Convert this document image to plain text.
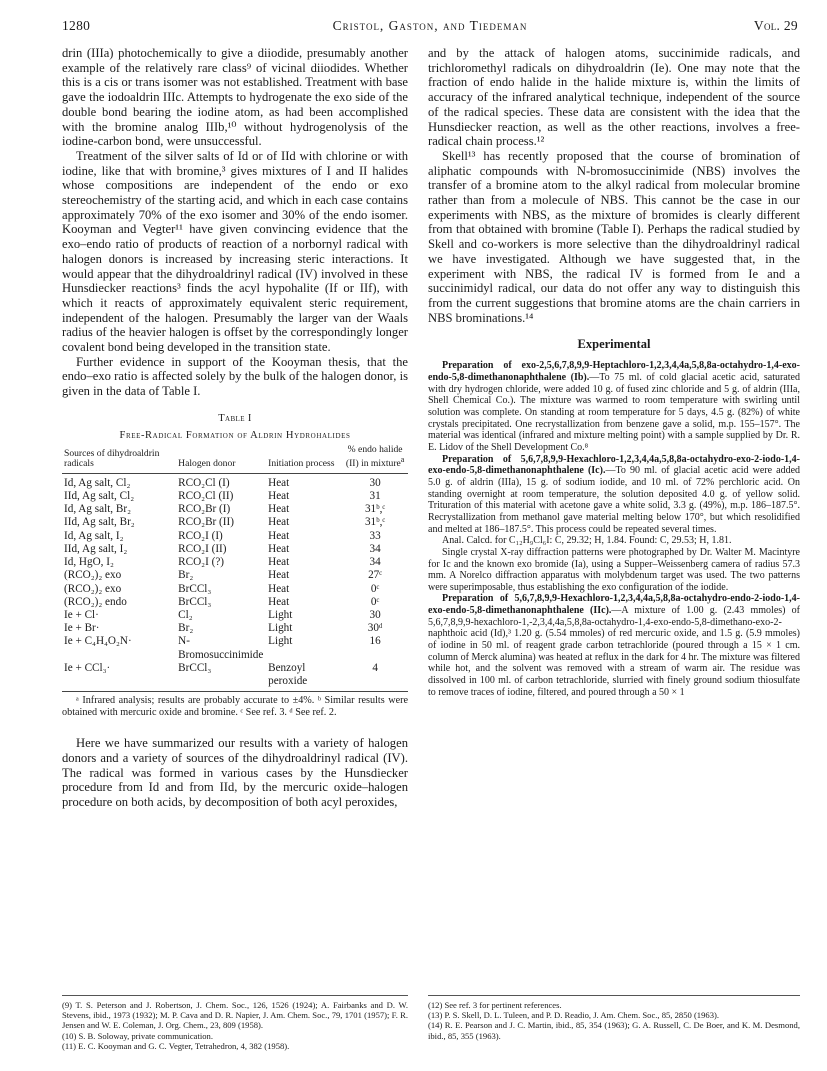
1280	Cristol, Gaston, and Tiedeman	Vol. 29

drin (IIIa) photochemically to give a diiodide, presumably another example of the relatively rare class⁹ of vicinal diiodides. Whether this is a cis or trans isomer was not established. Treatment with base gave the iodoaldrin IIIc. Attempts to hydrogenate the exo side of the double bond bearing the iodine atom, as had been accomplished with the bromine analog IIIb,¹⁰ without hydrogenolysis of the iodine-carbon bond, were unsuccessful.

Treatment of the silver salts of Id or of IId with chlorine or with iodine, like that with bromine,³ gives mixtures of I and II halides whose compositions are independent of the endo or exo stereochemistry of the starting acid, and which in each case contains approximately 70% of the exo isomer and 30% of the endo isomer. Kooyman and Vegter¹¹ have given convincing evidence that the exo–endo ratio of products of reaction of a norbornyl radical with halogen donors is increased by increasing steric interactions. It would appear that the dihydroaldrinyl radical (IV) involved in these Hunsdiecker reactions³ finds the acyl hypohalite (If or IIf), with which it reacts of approximately equivalent steric requirement, independent of the halogen. Presumably the larger van der Waals radius of the heavier halogen is offset by the correspondingly longer covalent bond being developed in the transition state.

Further evidence in support of the Kooyman thesis, that the endo–exo ratio is affected solely by the bulk of the halogen donor, is given in the data of Table I.

Table I
Free-Radical Formation of Aldrin Hydrohalides
Sources of dihydroaldrin radicals	Halogen donor	Initiation process	% endo halide (II) in mixture$^a$
Id, Ag salt, Cl₂	RCO₂Cl (I)	Heat	30
IId, Ag salt, Cl₂	RCO₂Cl (II)	Heat	31
Id, Ag salt, Br₂	RCO₂Br (I)	Heat	31ᵇ,ᶜ
IId, Ag salt, Br₂	RCO₂Br (II)	Heat	31ᵇ,ᶜ
Id, Ag salt, I₂	RCO₂I (I)	Heat	33
IId, Ag salt, I₂	RCO₂I (II)	Heat	34
Id, HgO, I₂	RCO₂I (?)	Heat	34
(RCO₂)₂ exo	Br₂	Heat	27ᶜ
(RCO₂)₂ exo	BrCCl₃	Heat	0ᶜ
(RCO₂)₂ endo	BrCCl₃	Heat	0ᶜ
Ie + Cl·	Cl₂	Light	30
Ie + Br·	Br₂	Light	30ᵈ
Ie + C₄H₄O₂N·	N-Bromosuccinimide	Light	16
Ie + CCl₃·	BrCCl₃	Benzoyl peroxide	4

ᵃ Infrared analysis; results are probably accurate to ±4%. ᵇ Similar results were obtained with mercuric oxide and bromine. ᶜ See ref. 3. ᵈ See ref. 2.

Here we have summarized our results with a variety of halogen donors and a variety of sources of the dihydroaldrinyl radical (IV). The radical was formed in various cases by the Hunsdiecker procedure from Id and from IId, by the mercuric oxide–halogen procedure on both acids, by decomposition of both acyl peroxides,

and by the attack of halogen atoms, succinimide radicals, and trichloromethyl radicals on dihydroaldrin (Ie). One may note that the fraction of endo halide in the halide mixture is, within the limits of accuracy of the infrared analytical technique, independent of the source of the radical species. These data are consistent with the idea that the Hunsdiecker reaction, as well as the other reactions, involves a free-radical chain process.¹²

Skell¹³ has recently proposed that the course of bromination of aliphatic compounds with N-bromosuccinimide (NBS) involves the transfer of a bromine atom to the alkyl radical from molecular bromine rather than from a molecule of NBS. This cannot be the case in our experiments with NBS, as the mixture of bromides is clearly different from that obtained with bromine (Table I). Perhaps the radical studied by Skell and co-workers is more selective than the dihydroaldrinyl radical we have investigated. Although we have suggested that, in the experiment with NBS, the radical IV is formed from Ie and a succinimidyl radical, our data do not offer any way to distinguish this from the current suggestions that bromine atoms are the chain carriers in NBS brominations.¹⁴

Experimental

Preparation of exo-2,5,6,7,8,9,9-Heptachloro-1,2,3,4,4a,5,8,8a-octahydro-1,4-exo-endo-5,8-dimethanonaphthalene (Ib).—To 75 ml. of cold glacial acetic acid, saturated with dry hydrogen chloride, were added 10 g. of fused zinc chloride and 5 g. of aldrin (IIIa, Shell Chemical Co.). The mixture was warmed to room temperature with swirling until solution was complete. On standing at room temperature for 5 days, 4.5 g. (82%) of white crystals precipitated. One recrystallization from benzene gave a solid, m.p. 155–157°. The material was identical (infrared and mixture melting point) with a sample supplied by Dr. R. E. Lidov of the Shell Development Co.⁸

Preparation of 5,6,7,8,9,9-Hexachloro-1,2,3,4,4a,5,8,8a-octahydro-exo-2-iodo-1,4-exo-endo-5,8-dimethanonaphthalene (Ic).—To 90 ml. of glacial acetic acid were added 5.0 g. of aldrin (IIIa), 15 g. of sodium iodide, and 10 ml. of 72% perchloric acid. On standing overnight at room temperature, the solution deposited 4.0 g. of yellow solid. Trituration of this material with acetone gave a white solid, 3.3 g. (49%), m.p. 186–187.5°. Recrystallization from methanol gave material melting below 170°, but which resolidified and melted at 186–187.5°. This process could be repeated several times.

Anal. Calcd. for C₁₂H₉Cl₆I: C, 29.32; H, 1.84. Found: C, 29.53; H, 1.81.

Single crystal X-ray diffraction patterns were photographed by Dr. Walter M. Macintyre for Ic and the known exo bromide (Ia), using a Supper–Weissenberg camera of radius 57.3 mm. A Norelco diffraction apparatus with molybdenum target was used. The two patterns were superimposable, thus establishing the exo configuration of the iodide.

Preparation of 5,6,7,8,9,9-Hexachloro-1,2,3,4,4a,5,8,8a-octahydro-endo-2-iodo-1,4-exo-endo-5,8-dimethanonaphthalene (IIc).—A mixture of 1.00 g. (2.43 mmoles) of 5,6,7,8,9,9-hexachloro-1,-2,3,4,4a,5,8,8a-octahydro-1,4-exo-endo-5,8-dimethano-exo-2-naphthoic acid (Id),³ 1.20 g. (5.54 mmoles) of red mercuric oxide, and 1.5 g. (5.9 mmoles) of iodine in 50 ml. of reagent grade carbon tetrachloride (poured through a 15 × 1 cm. column of Merck alumina) was heated at reflux in the dark for 4 hr. The mixture was filtered while hot, and the solvent was removed with a stream of warm air. The residue was dissolved in 100 ml. of carbon tetrachloride, slurried with finely ground sodium thiosulfate to remove traces of iodine, filtered, and poured through a 50 × 1

(9) T. S. Peterson and J. Robertson, J. Chem. Soc., 126, 1526 (1924); A. Fairbanks and D. W. Stevens, ibid., 1973 (1932); M. P. Cava and D. R. Napier, J. Am. Chem. Soc., 79, 1701 (1957); F. R. Jensen and W. E. Coleman, J. Org. Chem., 23, 809 (1958).

(10) S. B. Soloway, private communication.

(11) E. C. Kooyman and G. C. Vegter, Tetrahedron, 4, 382 (1958).

(12) See ref. 3 for pertinent references.

(13) P. S. Skell, D. L. Tuleen, and P. D. Readio, J. Am. Chem. Soc., 85, 2850 (1963).

(14) R. E. Pearson and J. C. Martin, ibid., 85, 354 (1963); G. A. Russell, C. De Boer, and K. M. Desmond, ibid., 85, 355 (1963).
